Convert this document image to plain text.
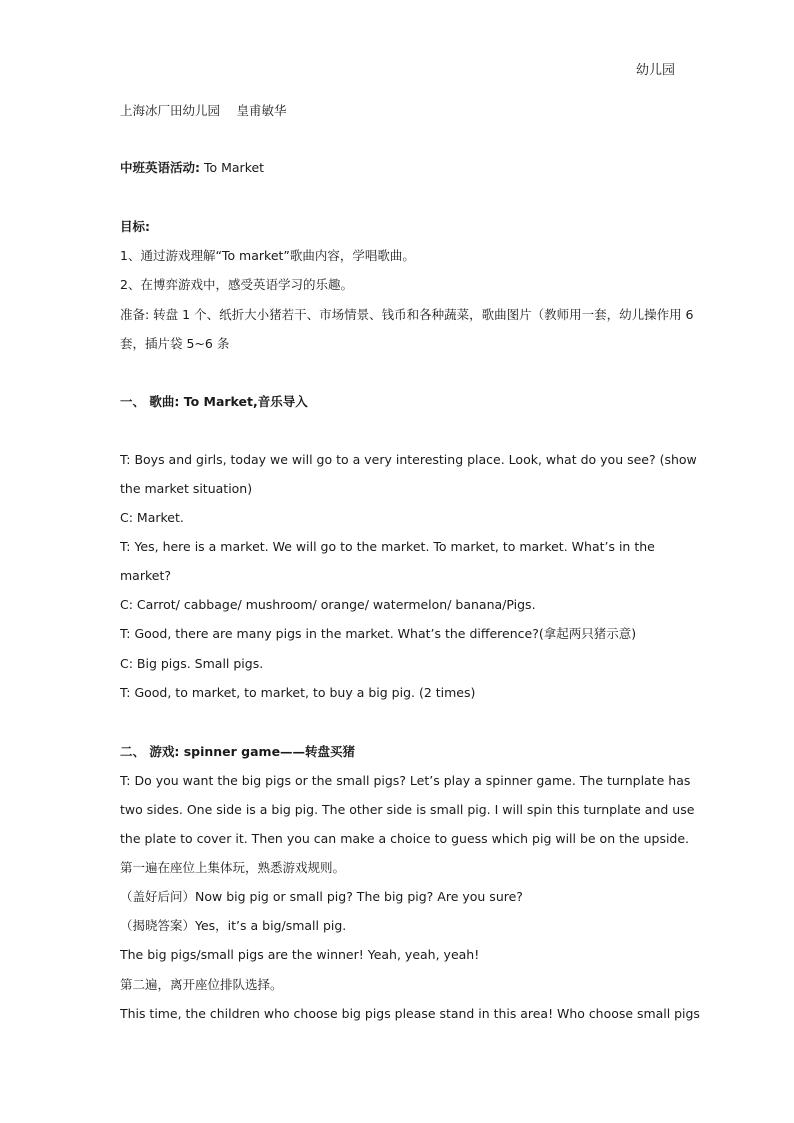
幼儿园
上海冰厂田幼儿园　 皇甫敏华
中班英语活动: To Market
目标:
1、通过游戏理解“To market”歌曲内容，学唱歌曲。
2、在博弈游戏中，感受英语学习的乐趣。
准备: 转盘 1 个、纸折大小猪若干、市场情景、钱币和各种蔬菜，歌曲图片（教师用一套，幼儿操作用 6
套，插片袋 5~6 条
一、 歌曲: To Market,音乐导入
T: Boys and girls, today we will go to a very interesting place. Look, what do you see? (show
the market situation)
C: Market.
T: Yes, here is a market. We will go to the market. To market, to market. What’s in the
market?
C: Carrot/ cabbage/ mushroom/ orange/ watermelon/ banana/Pigs.
T: Good, there are many pigs in the market. What’s the difference?(拿起两只猪示意)
C: Big pigs. Small pigs.
T: Good, to market, to market, to buy a big pig. (2 times)
二、 游戏: spinner game——转盘买猪
T: Do you want the big pigs or the small pigs? Let’s play a spinner game. The turnplate has
two sides. One side is a big pig. The other side is small pig. I will spin this turnplate and use
the plate to cover it. Then you can make a choice to guess which pig will be on the upside.
第一遍在座位上集体玩，熟悉游戏规则。
（盖好后问）Now big pig or small pig? The big pig? Are you sure?
（揭晓答案）Yes，it’s a big/small pig.
The big pigs/small pigs are the winner! Yeah, yeah, yeah!
第二遍，离开座位排队选择。
This time, the children who choose big pigs please stand in this area! Who choose small pigs
